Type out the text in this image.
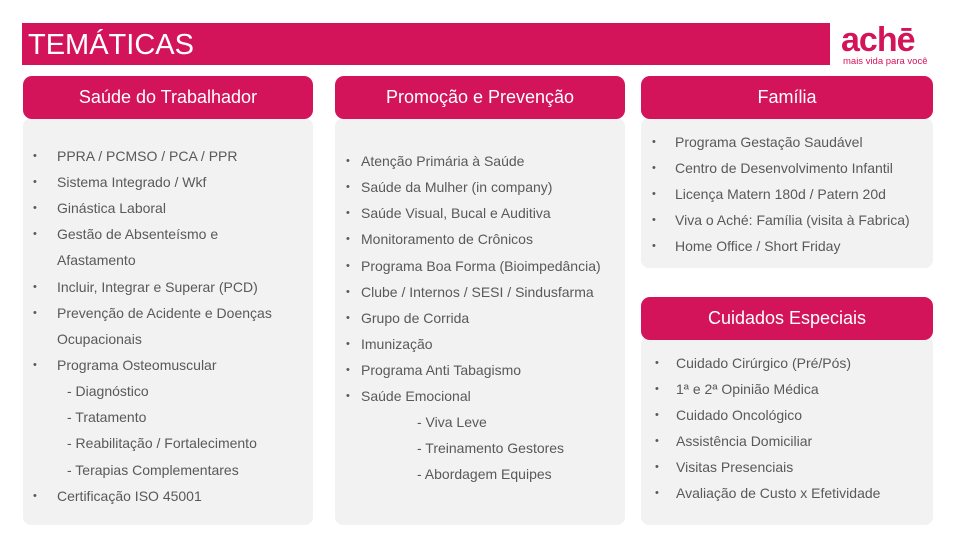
TEMÁTICAS	achē
mais vida para você
Saúde do Trabalhador	Promoção e Prevenção	Família
Cuidados Especiais
• PPRA / PCMSO / PCA / PPR
• Sistema Integrado / Wkf
• Ginástica Laboral
• Gestão de Absenteísmo e
Afastamento
• Incluir, Integrar e Superar (PCD)
• Prevenção de Acidente e Doenças
Ocupacionais
• Programa Osteomuscular
- Diagnóstico
- Tratamento
- Reabilitação / Fortalecimento
- Terapias Complementares
• Certificação ISO 45001
• Atenção Primária à Saúde
• Saúde da Mulher (in company)
• Saúde Visual, Bucal e Auditiva
• Monitoramento de Crônicos
• Programa Boa Forma (Bioimpedância)
• Clube / Internos / SESI / Sindusfarma
• Grupo de Corrida
• Imunização
• Programa Anti Tabagismo
• Saúde Emocional
- Viva Leve
- Treinamento Gestores
- Abordagem Equipes
• Programa Gestação Saudável
• Centro de Desenvolvimento Infantil
• Licença Matern 180d / Patern 20d
• Viva o Aché: Família (visita à Fabrica)
• Home Office / Short Friday
• Cuidado Cirúrgico (Pré/Pós)
• 1ª e 2ª Opinião Médica
• Cuidado Oncológico
• Assistência Domiciliar
• Visitas Presenciais
• Avaliação de Custo x Efetividade
